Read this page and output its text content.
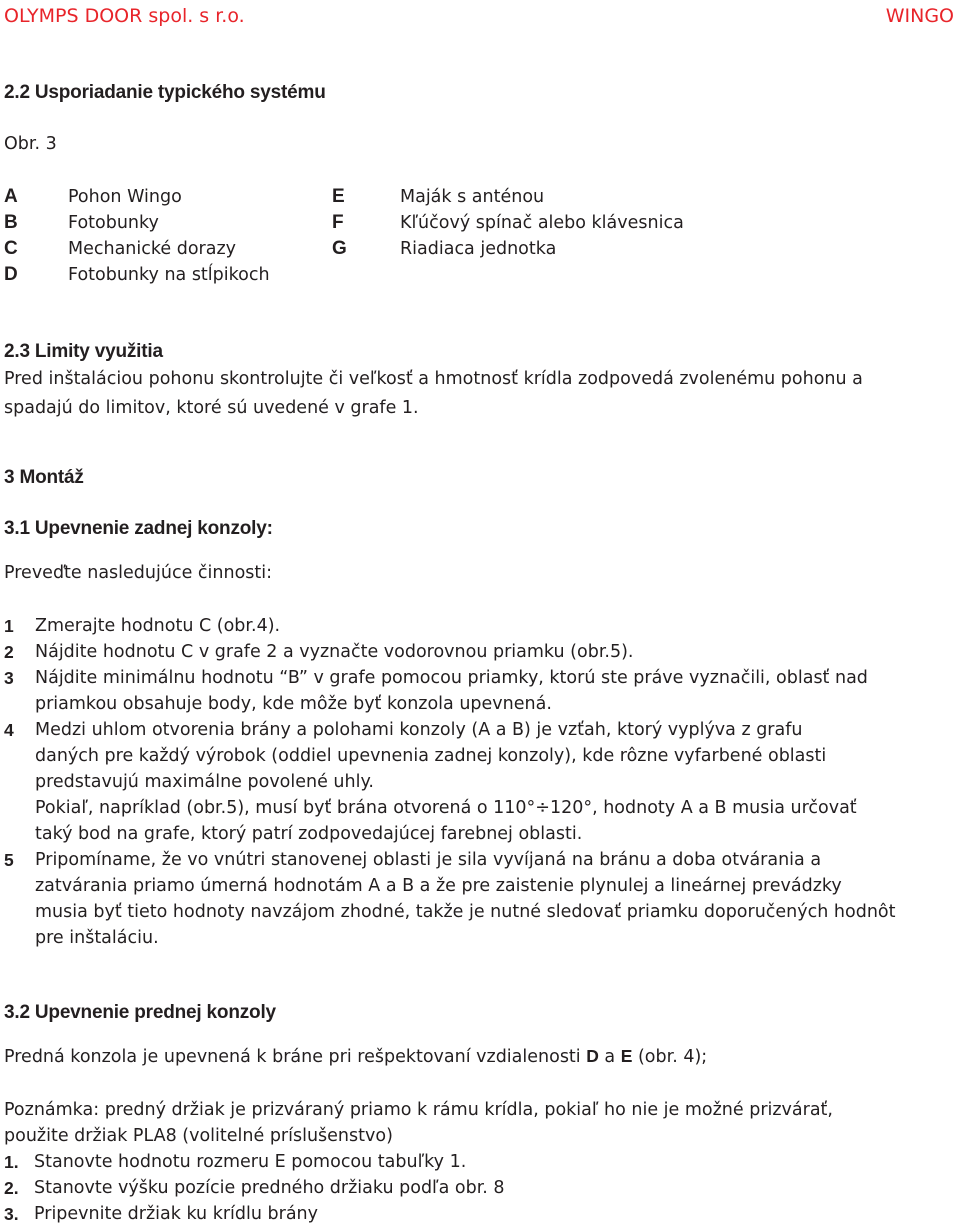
OLYMPS DOOR spol. s r.o.	WINGO
2.2 Usporiadanie typického systému
Obr. 3
A	Pohon Wingo
B	Fotobunky
C	Mechanické dorazy
D	Fotobunky na stĺpikoch
E	Maják s anténou
F	Kľúčový spínač alebo klávesnica
G	Riadiaca jednotka
2.3 Limity využitia
Pred inštaláciou pohonu skontrolujte či veľkosť a hmotnosť krídla zodpovedá zvolenému pohonu a spadajú do limitov, ktoré sú uvedené v grafe 1.
3 Montáž
3.1 Upevnenie zadnej konzoly:
Preveďte nasledujúce činnosti:
1 Zmerajte hodnotu C (obr.4).

2 Nájdite hodnotu C v grafe 2 a vyznačte vodorovnou priamku (obr.5).

3 Nájdite minimálnu hodnotu “B” v grafe pomocou priamky, ktorú ste práve vyznačili, oblasť nad

priamkou obsahuje body, kde môže byť konzola upevnená.

4 Medzi uhlom otvorenia brány a polohami konzoly (A a B) je vzťah, ktorý vyplýva z grafu

daných pre každý výrobok (oddiel upevnenia zadnej konzoly), kde rôzne vyfarbené oblasti

predstavujú maximálne povolené uhly.

Pokiaľ, napríklad (obr.5), musí byť brána otvorená o 110°÷120°, hodnoty A a B musia určovať

taký bod na grafe, ktorý patrí zodpovedajúcej farebnej oblasti.

5 Pripomíname, že vo vnútri stanovenej oblasti je sila vyvíjaná na bránu a doba otvárania a

zatvárania priamo úmerná hodnotám A a B a že pre zaistenie plynulej a lineárnej prevádzky

musia byť tieto hodnoty navzájom zhodné, takže je nutné sledovať priamku doporučených hodnôt

pre inštaláciu.

3.2 Upevnenie prednej konzoly
Predná konzola je upevnená k bráne pri rešpektovaní vzdialenosti D a E (obr. 4);

Poznámka: predný držiak je prizváraný priamo k rámu krídla, pokiaľ ho nie je možné prizvárať,

použite držiak PLA8 (volitelné príslušenstvo)

1. Stanovte hodnotu rozmeru E pomocou tabuľky 1.

2. Stanovte výšku pozície predného držiaku podľa obr. 8

3. Pripevnite držiak ku krídlu brány
